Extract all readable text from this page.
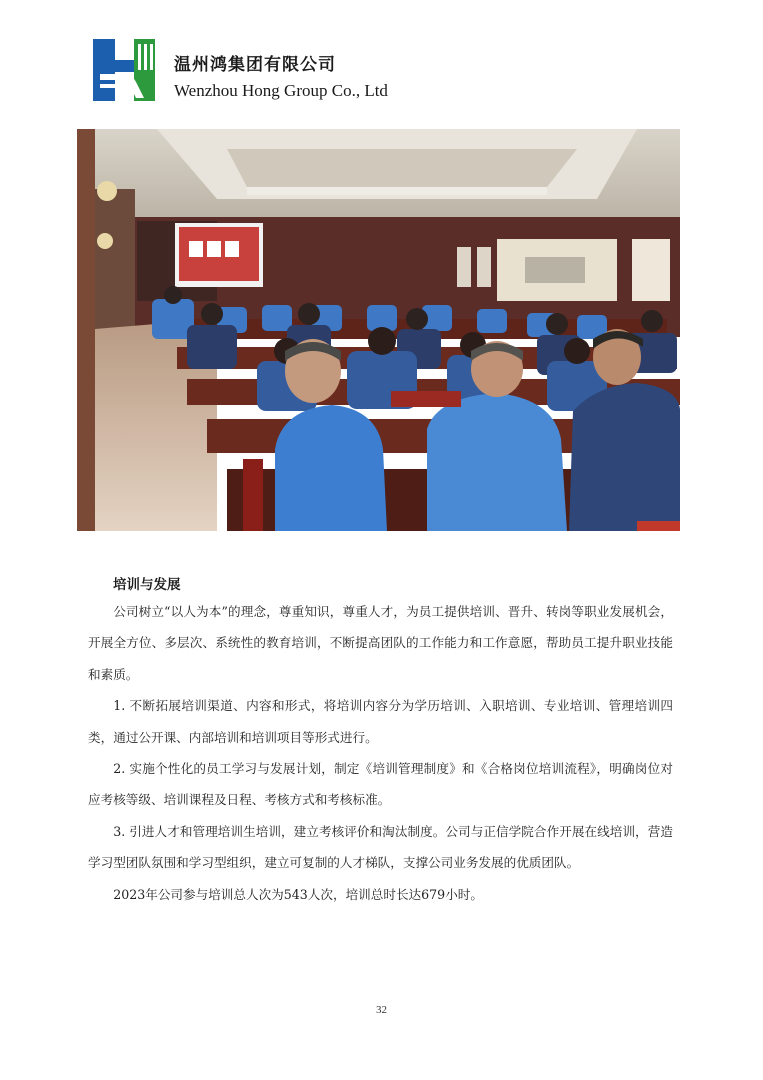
温州鸿集团有限公司
Wenzhou Hong Group Co., Ltd
培训与发展

公司树立“以人为本”的理念，尊重知识，尊重人才，为员工提供培训、晋升、转岗等职业发展机会，开展全方位、多层次、系统性的教育培训，不断提高团队的工作能力和工作意愿，帮助员工提升职业技能和素质。

1. 不断拓展培训渠道、内容和形式，将培训内容分为学历培训、入职培训、专业培训、管理培训四类，通过公开课、内部培训和培训项目等形式进行。

2. 实施个性化的员工学习与发展计划，制定《培训管理制度》和《合格岗位培训流程》，明确岗位对应考核等级、培训课程及日程、考核方式和考核标准。

3. 引进人才和管理培训生培训，建立考核评价和淘汰制度。公司与正信学院合作开展在线培训，营造学习型团队氛围和学习型组织，建立可复制的人才梯队，支撑公司业务发展的优质团队。

2023年公司参与培训总人次为543人次，培训总时长达679小时。

32
